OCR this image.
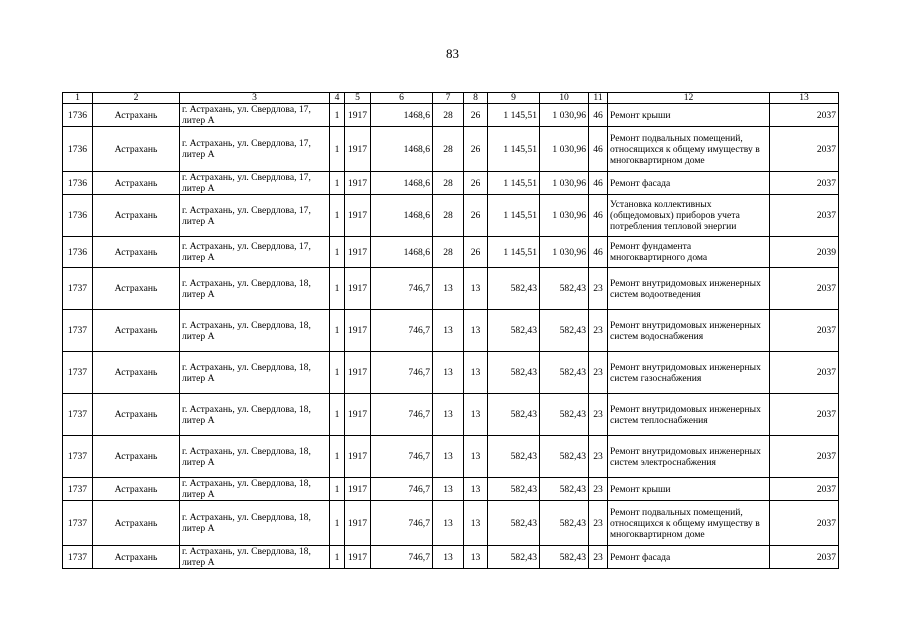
83
1	2	3	4	5	6	7	8	9	10	11	12	13
1736	Астрахань	г. Астрахань, ул. Свердлова, 17, литер А	1	1917	1468,6	28	26	1 145,51	1 030,96	46	Ремонт крыши	2037
1736	Астрахань	г. Астрахань, ул. Свердлова, 17, литер А	1	1917	1468,6	28	26	1 145,51	1 030,96	46	Ремонт подвальных помещений, относящихся к общему имуществу в многоквартирном доме	2037
1736	Астрахань	г. Астрахань, ул. Свердлова, 17, литер А	1	1917	1468,6	28	26	1 145,51	1 030,96	46	Ремонт фасада	2037
1736	Астрахань	г. Астрахань, ул. Свердлова, 17, литер А	1	1917	1468,6	28	26	1 145,51	1 030,96	46	Установка коллективных (общедомовых) приборов учета потребления тепловой энергии	2037
1736	Астрахань	г. Астрахань, ул. Свердлова, 17, литер А	1	1917	1468,6	28	26	1 145,51	1 030,96	46	Ремонт фундамента многоквартирного дома	2039
1737	Астрахань	г. Астрахань, ул. Свердлова, 18, литер А	1	1917	746,7	13	13	582,43	582,43	23	Ремонт внутридомовых инженерных систем водоотведения	2037
1737	Астрахань	г. Астрахань, ул. Свердлова, 18, литер А	1	1917	746,7	13	13	582,43	582,43	23	Ремонт внутридомовых инженерных систем водоснабжения	2037
1737	Астрахань	г. Астрахань, ул. Свердлова, 18, литер А	1	1917	746,7	13	13	582,43	582,43	23	Ремонт внутридомовых инженерных систем газоснабжения	2037
1737	Астрахань	г. Астрахань, ул. Свердлова, 18, литер А	1	1917	746,7	13	13	582,43	582,43	23	Ремонт внутридомовых инженерных систем теплоснабжения	2037
1737	Астрахань	г. Астрахань, ул. Свердлова, 18, литер А	1	1917	746,7	13	13	582,43	582,43	23	Ремонт внутридомовых инженерных систем электроснабжения	2037
1737	Астрахань	г. Астрахань, ул. Свердлова, 18, литер А	1	1917	746,7	13	13	582,43	582,43	23	Ремонт крыши	2037
1737	Астрахань	г. Астрахань, ул. Свердлова, 18, литер А	1	1917	746,7	13	13	582,43	582,43	23	Ремонт подвальных помещений, относящихся к общему имуществу в многоквартирном доме	2037
1737	Астрахань	г. Астрахань, ул. Свердлова, 18, литер А	1	1917	746,7	13	13	582,43	582,43	23	Ремонт фасада	2037
